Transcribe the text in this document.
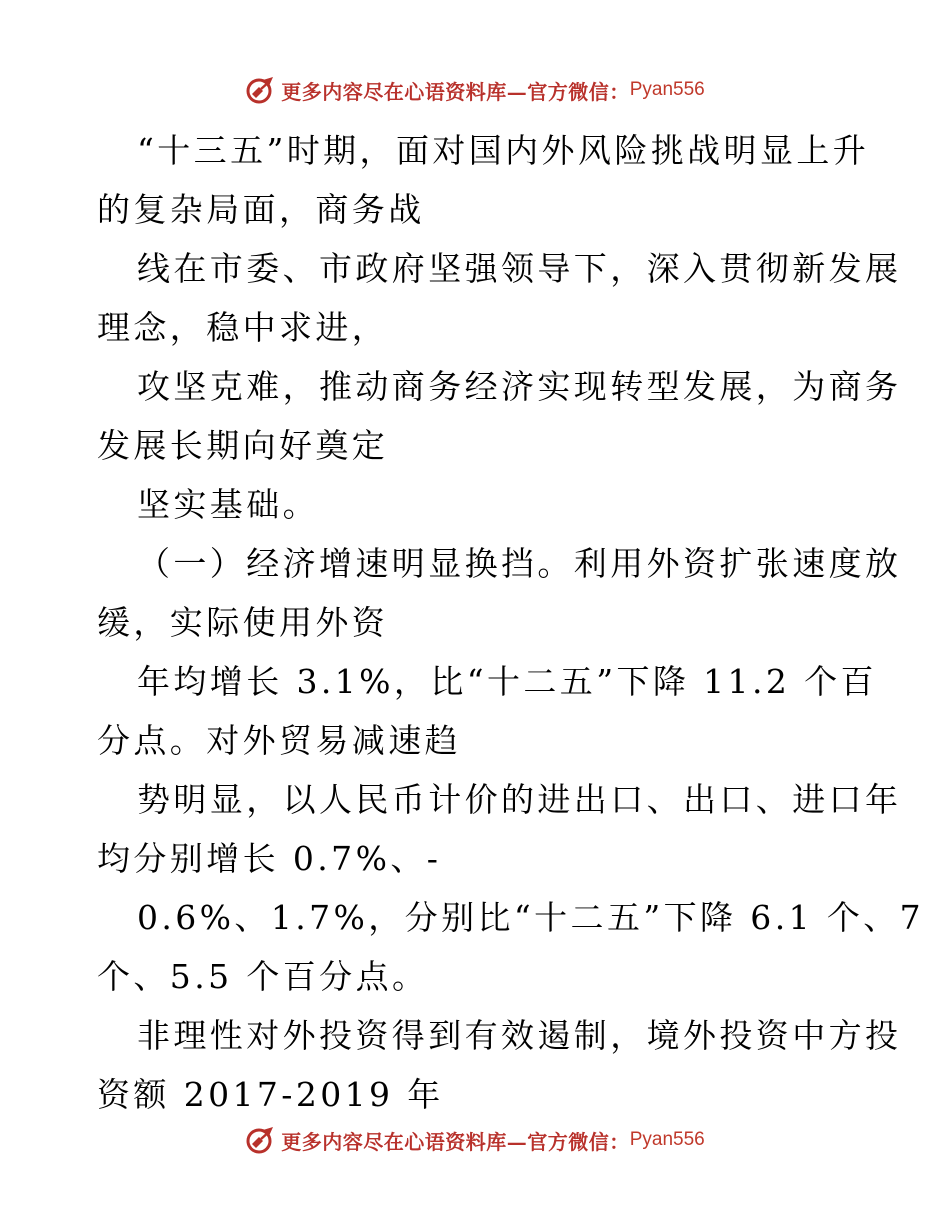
更多内容尽在心语资料库—官方微信： Pyan556
“十三五”时期，面对国内外风险挑战明显上升
的复杂局面，商务战
线在市委、市政府坚强领导下，深入贯彻新发展
理念，稳中求进，
攻坚克难，推动商务经济实现转型发展，为商务
发展长期向好奠定
坚实基础。
（一）经济增速明显换挡。利用外资扩张速度放
缓，实际使用外资
年均增长 3.1%，比“十二五”下降 11.2 个百
分点。对外贸易减速趋
势明显，以人民币计价的进出口、出口、进口年
均分别增长 0.7%、-
0.6%、1.7%，分别比“十二五”下降 6.1 个、7
个、5.5 个百分点。
非理性对外投资得到有效遏制，境外投资中方投
资额 2017-2019 年
更多内容尽在心语资料库—官方微信： Pyan556
